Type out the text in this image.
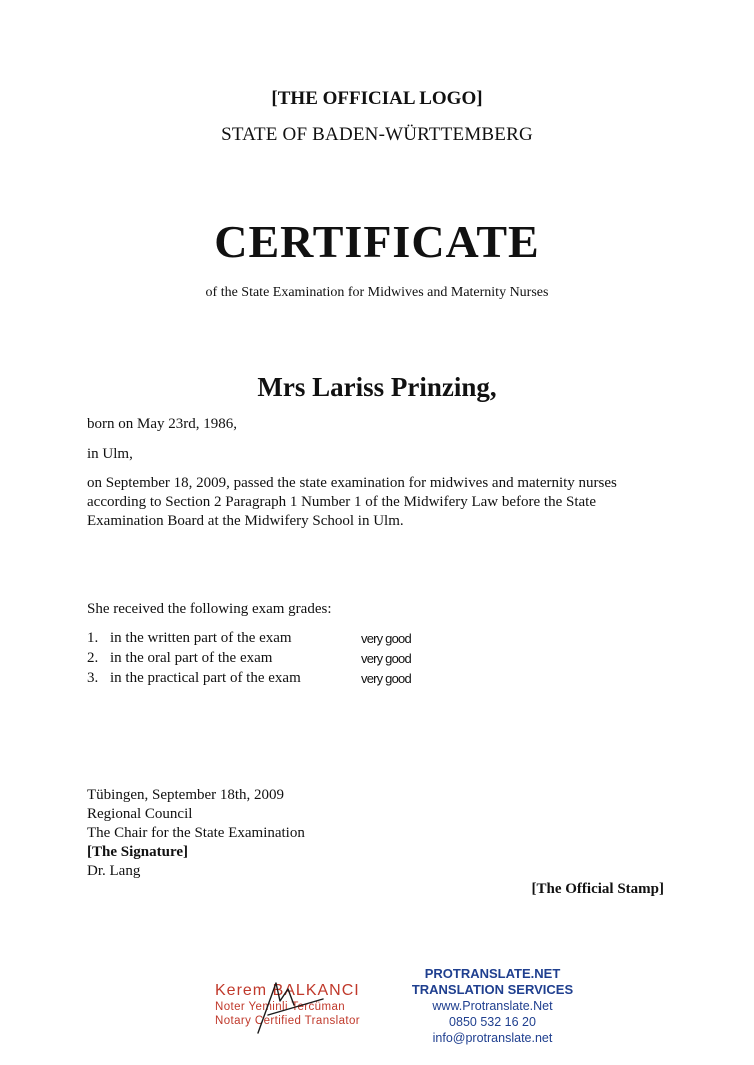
[THE OFFICIAL LOGO]
STATE OF BADEN-WÜRTTEMBERG
CERTIFICATE
of the State Examination for Midwives and Maternity Nurses
Mrs Lariss Prinzing,
born on May 23rd, 1986,
in Ulm,
on September 18, 2009, passed the state examination for midwives and maternity nurses according to Section 2 Paragraph 1 Number 1 of the Midwifery Law before the State Examination Board at the Midwifery School in Ulm.
She received the following exam grades:
1. in the written part of the exam	very good
2. in the oral part of the exam	very good
3. in the practical part of the exam	very good
Tübingen, September 18th, 2009
Regional Council
The Chair for the State Examination
[The Signature]
Dr. Lang
[The Official Stamp]
Kerem BALKANCI
Noter Yeminli Tercüman
Notary Certified Translator
PROTRANSLATE.NET
TRANSLATION SERVICES
www.Protranslate.Net
0850 532 16 20
info@protranslate.net
